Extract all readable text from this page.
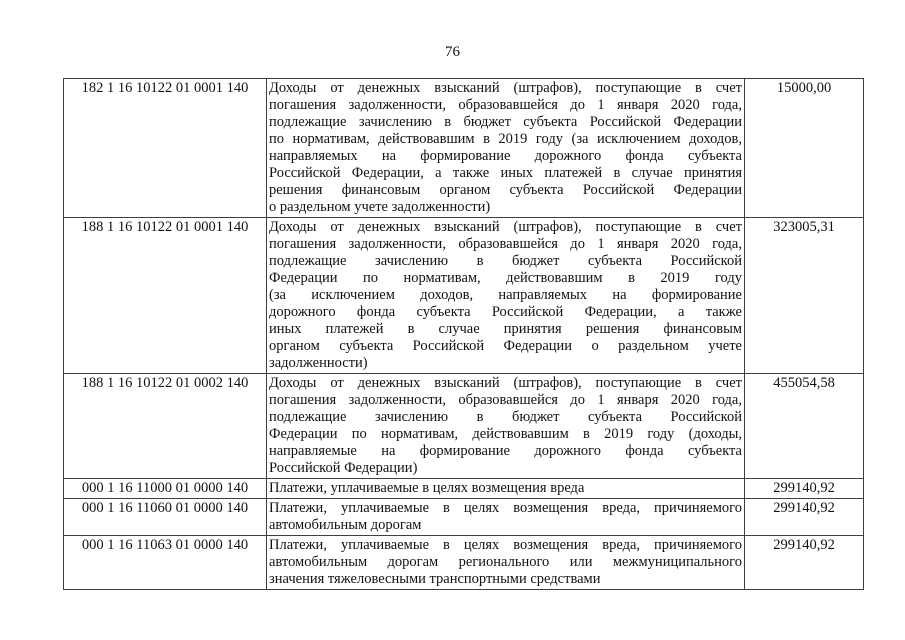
76
182 1 16 10122 01 0001 140	Доходы от денежных взысканий (штрафов), поступающие в счет
погашения задолженности, образовавшейся до 1 января 2020 года,
подлежащие зачислению в бюджет субъекта Российской Федерации
по нормативам, действовавшим в 2019 году (за исключением доходов,
направляемых на формирование дорожного фонда субъекта
Российской Федерации, а также иных платежей в случае принятия
решения финансовым органом субъекта Российской Федерации
о раздельном учете задолженности)
	15000,00
188 1 16 10122 01 0001 140	Доходы от денежных взысканий (штрафов), поступающие в счет
погашения задолженности, образовавшейся до 1 января 2020 года,
подлежащие зачислению в бюджет субъекта Российской
Федерации по нормативам, действовавшим в 2019 году
(за исключением доходов, направляемых на формирование
дорожного фонда субъекта Российской Федерации, а также
иных платежей в случае принятия решения финансовым
органом субъекта Российской Федерации о раздельном учете
задолженности)
	323005,31
188 1 16 10122 01 0002 140	Доходы от денежных взысканий (штрафов), поступающие в счет
погашения задолженности, образовавшейся до 1 января 2020 года,
подлежащие зачислению в бюджет субъекта Российской
Федерации по нормативам, действовавшим в 2019 году (доходы,
направляемые на формирование дорожного фонда субъекта
Российской Федерации)
	455054,58
000 1 16 11000 01 0000 140	Платежи, уплачиваемые в целях возмещения вреда	299140,92
000 1 16 11060 01 0000 140	Платежи, уплачиваемые в целях возмещения вреда, причиняемого
автомобильным дорогам	299140,92
000 1 16 11063 01 0000 140	Платежи, уплачиваемые в целях возмещения вреда, причиняемого
автомобильным дорогам регионального или межмуниципального
значения тяжеловесными транспортными средствами	299140,92
